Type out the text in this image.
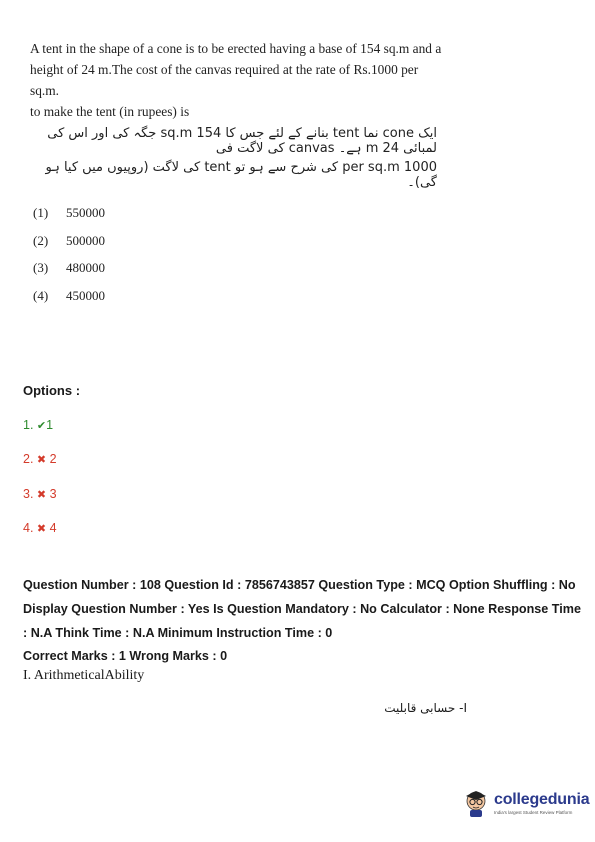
A tent in the shape of a cone is to be erected having a base of 154 sq.m and a
height of 24 m.The cost of the canvas required at the rate of Rs.1000 per sq.m.
to make the tent (in rupees) is
ایک cone نما tent بنانے کے لئے جس کا 154 sq.m جگہ کی اور اس کی لمبائی 24 m ہے۔ canvas کی لاگت فی
1000 per sq.m کی شرح سے ہو تو tent کی لاگت (روپیوں میں کیا ہو گی)۔
(1)	550000
(2)	500000
(3)	480000
(4)	450000
Options :
1. ✔1
2. ✖ 2
3. ✖ 3
4. ✖ 4
Question Number : 108 Question Id : 7856743857 Question Type : MCQ Option Shuffling : No
Display Question Number : Yes Is Question Mandatory : No Calculator : None Response Time
: N.A Think Time : N.A Minimum Instruction Time : 0
Correct Marks : 1 Wrong Marks : 0
I. ArithmeticalAbility
I- حسابی قابلیت
collegedunia
India's largest Student Review Platform
